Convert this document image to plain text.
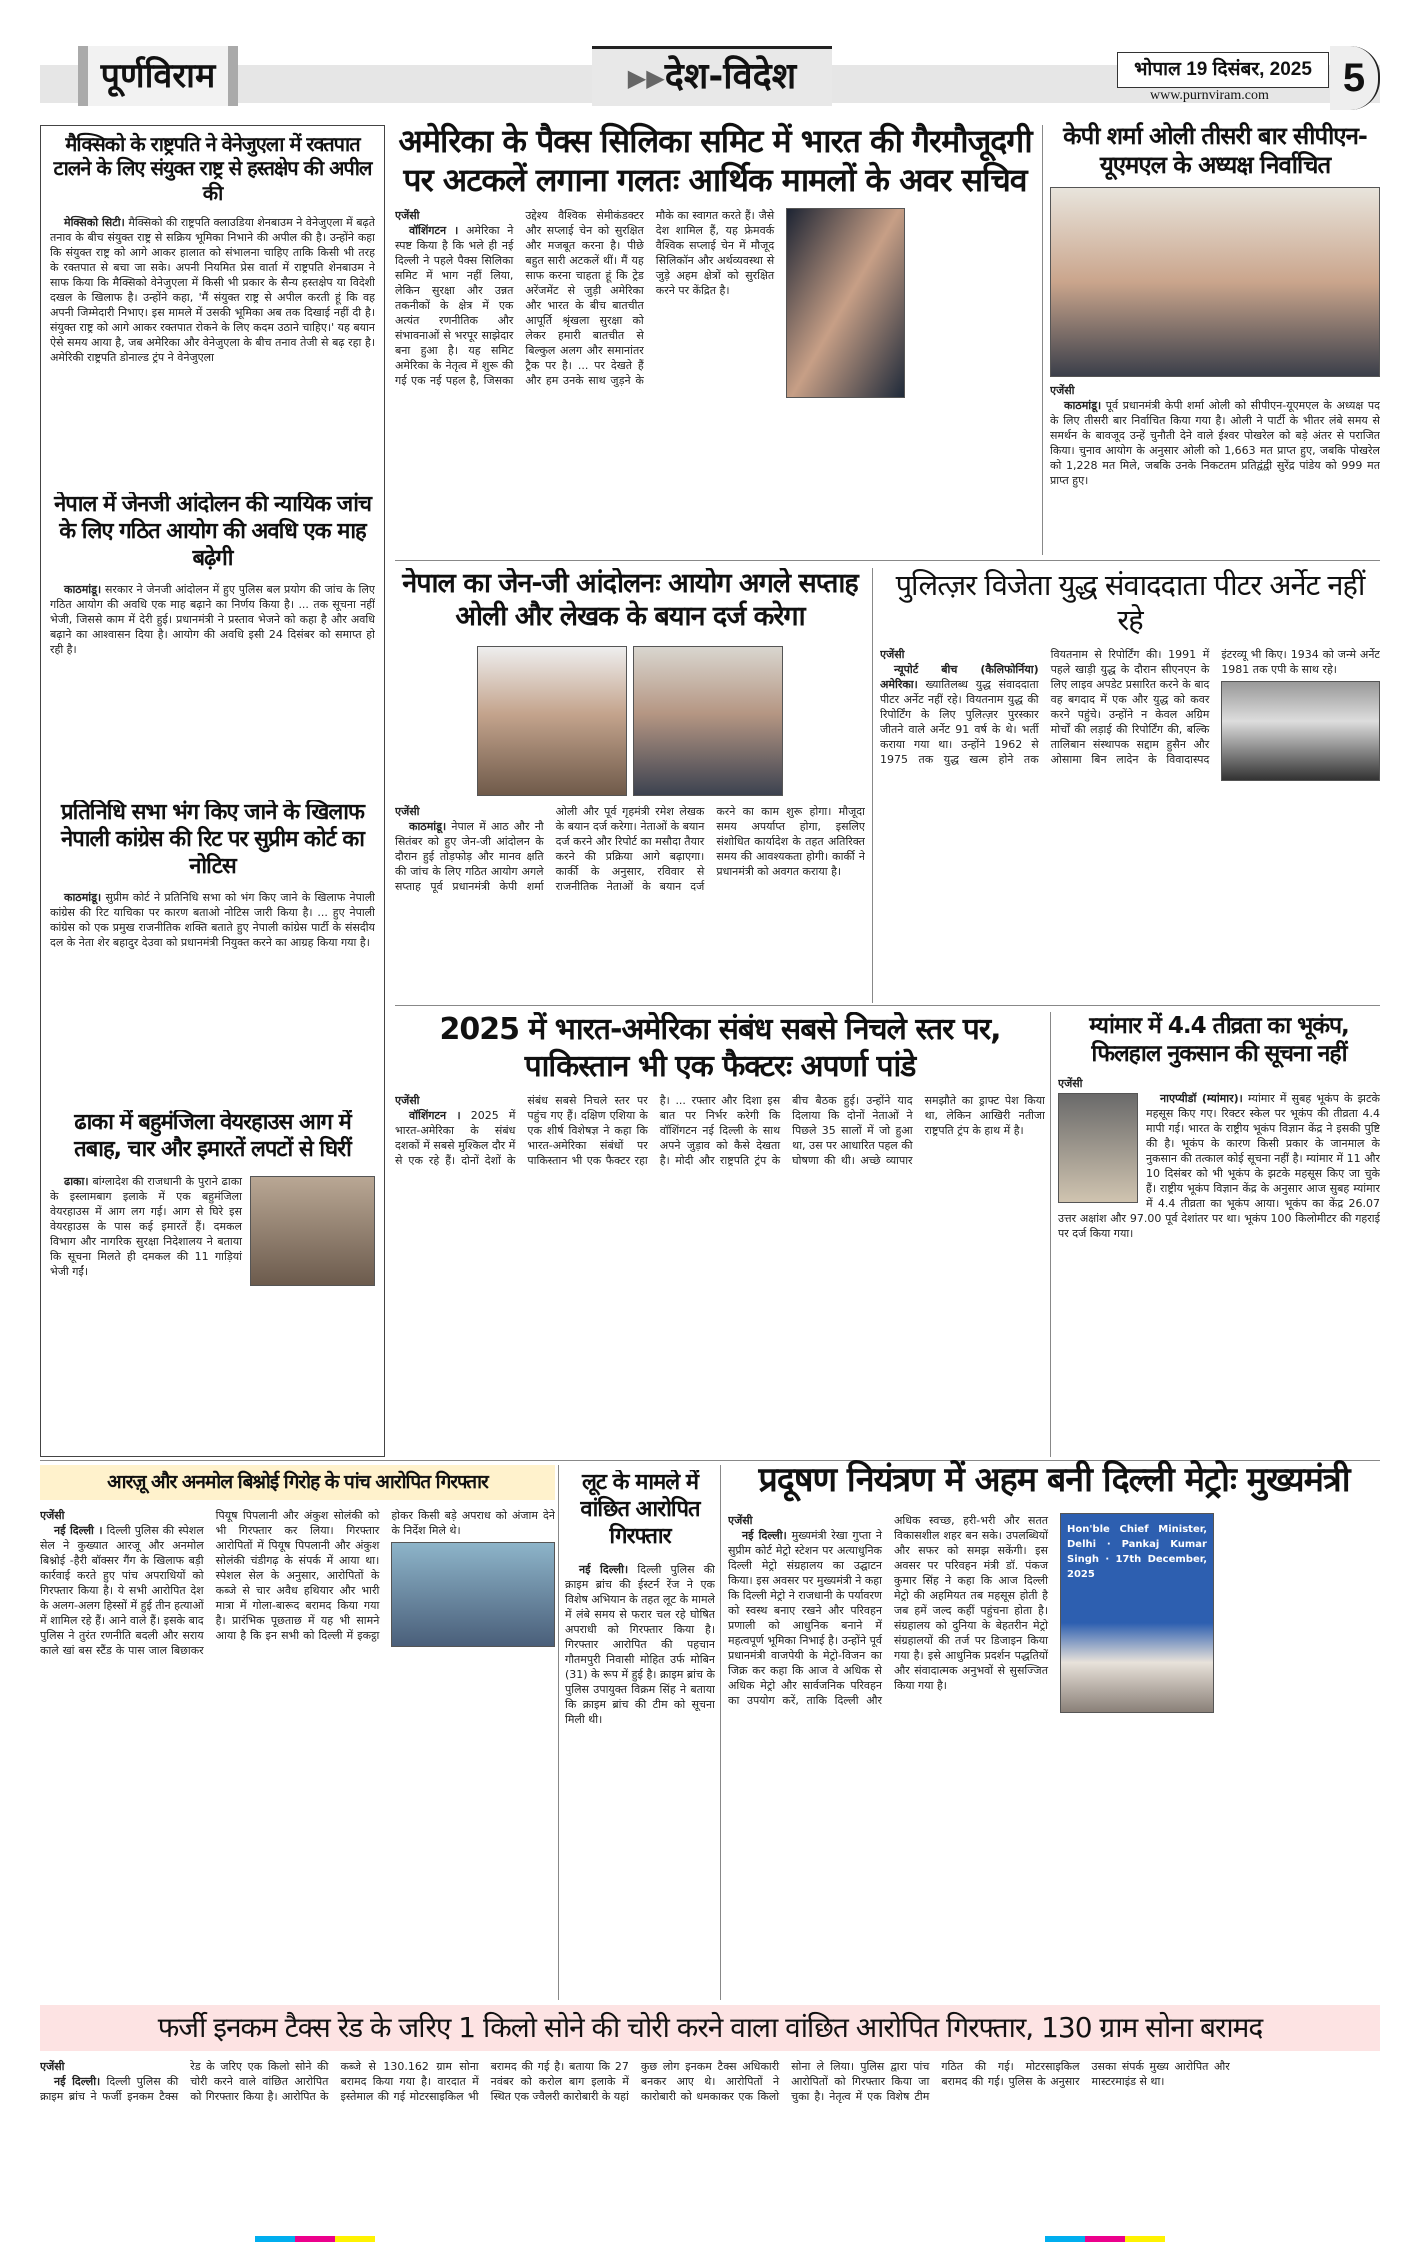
पूर्णविराम	▶▶देश-विदेश	भोपाल 19 दिसंबर, 2025
www.purnviram.com	5
मैक्सिको के राष्ट्रपति ने वेनेजुएला में रक्तपात टालने के लिए संयुक्त राष्ट्र से हस्तक्षेप की अपील की

मेक्सिको सिटी। मैक्सिको की राष्ट्रपति क्लाउडिया शेनबाउम ने वेनेजुएला में बढ़ते तनाव के बीच संयुक्त राष्ट्र से सक्रिय भूमिका निभाने की अपील की है। उन्होंने कहा कि संयुक्त राष्ट्र को आगे आकर हालात को संभालना चाहिए ताकि किसी भी तरह के रक्तपात से बचा जा सके। अपनी नियमित प्रेस वार्ता में राष्ट्रपति शेनबाउम ने साफ किया कि मैक्सिको वेनेजुएला में किसी भी प्रकार के सैन्य हस्तक्षेप या विदेशी दखल के खिलाफ है। उन्होंने कहा, 'मैं संयुक्त राष्ट्र से अपील करती हूं कि वह अपनी जिम्मेदारी निभाए। इस मामले में उसकी भूमिका अब तक दिखाई नहीं दी है। संयुक्त राष्ट्र को आगे आकर रक्तपात रोकने के लिए कदम उठाने चाहिए।' यह बयान ऐसे समय आया है, जब अमेरिका और वेनेजुएला के बीच तनाव तेजी से बढ़ रहा है। अमेरिकी राष्ट्रपति डोनाल्ड ट्रंप ने वेनेजुएला

नेपाल में जेनजी आंदोलन की न्यायिक जांच के लिए गठित आयोग की अवधि एक माह बढ़ेगी

काठमांडू। सरकार ने जेनजी आंदोलन में हुए पुलिस बल प्रयोग की जांच के लिए गठित आयोग की अवधि एक माह बढ़ाने का निर्णय किया है। ... तक सूचना नहीं भेजी, जिससे काम में देरी हुई। प्रधानमंत्री ने प्रस्ताव भेजने को कहा है और अवधि बढ़ाने का आश्वासन दिया है। आयोग की अवधि इसी 24 दिसंबर को समाप्त हो रही है।

प्रतिनिधि सभा भंग किए जाने के खिलाफ नेपाली कांग्रेस की रिट पर सुप्रीम कोर्ट का नोटिस

काठमांडू। सुप्रीम कोर्ट ने प्रतिनिधि सभा को भंग किए जाने के खिलाफ नेपाली कांग्रेस की रिट याचिका पर कारण बताओ नोटिस जारी किया है। ... हुए नेपाली कांग्रेस को एक प्रमुख राजनीतिक शक्ति बताते हुए नेपाली कांग्रेस पार्टी के संसदीय दल के नेता शेर बहादुर देउवा को प्रधानमंत्री नियुक्त करने का आग्रह किया गया है।

ढाका में बहुमंजिला वेयरहाउस आग में तबाह, चार और इमारतें लपटों से घिरीं

ढाका। बांग्लादेश की राजधानी के पुराने ढाका के इस्लामबाग इलाके में एक बहुमंजिला वेयरहाउस में आग लग गई। आग से घिरे इस वेयरहाउस के पास कई इमारतें हैं। दमकल विभाग और नागरिक सुरक्षा निदेशालय ने बताया कि सूचना मिलते ही दमकल की 11 गाड़ियां भेजी गईं।

अमेरिका के पैक्स सिलिका समिट में भारत की गैरमौजूदगी पर अटकलें लगाना गलतः आर्थिक मामलों के अवर सचिव
एजेंसी

वॉशिंगटन । अमेरिका ने स्पष्ट किया है कि भले ही नई दिल्ली ने पहले पैक्स सिलिका समिट में भाग नहीं लिया, लेकिन सुरक्षा और उन्नत तकनीकों के क्षेत्र में एक अत्यंत रणनीतिक और संभावनाओं से भरपूर साझेदार बना हुआ है। यह समिट अमेरिका के नेतृत्व में शुरू की गई एक नई पहल है, जिसका उद्देश्य वैश्विक सेमीकंडक्टर और सप्लाई चेन को सुरक्षित और मजबूत करना है। पीछे बहुत सारी अटकलें थीं। मैं यह साफ करना चाहता हूं कि ट्रेड अरेंजमेंट से जुड़ी अमेरिका और भारत के बीच बातचीत आपूर्ति श्रृंखला सुरक्षा को लेकर हमारी बातचीत से बिल्कुल अलग और समानांतर ट्रैक पर है। ... पर देखते हैं और हम उनके साथ जुड़ने के मौके का स्वागत करते हैं। जैसे देश शामिल हैं, यह फ्रेमवर्क वैश्विक सप्लाई चेन में मौजूद सिलिकॉन और अर्थव्यवस्था से जुड़े अहम क्षेत्रों को सुरक्षित करने पर केंद्रित है।

केपी शर्मा ओली तीसरी बार सीपीएन-यूएमएल के अध्यक्ष निर्वाचित
एजेंसी

काठमांडू। पूर्व प्रधानमंत्री केपी शर्मा ओली को सीपीएन-यूएमएल के अध्यक्ष पद के लिए तीसरी बार निर्वाचित किया गया है। ओली ने पार्टी के भीतर लंबे समय से समर्थन के बावजूद उन्हें चुनौती देने वाले ईश्वर पोखरेल को बड़े अंतर से पराजित किया। चुनाव आयोग के अनुसार ओली को 1,663 मत प्राप्त हुए, जबकि पोखरेल को 1,228 मत मिले, जबकि उनके निकटतम प्रतिद्वंद्वी सुरेंद्र पांडेय को 999 मत प्राप्त हुए।

नेपाल का जेन-जी आंदोलनः आयोग अगले सप्ताह ओली और लेखक के बयान दर्ज करेगा
एजेंसी

काठमांडू। नेपाल में आठ और नौ सितंबर को हुए जेन-जी आंदोलन के दौरान हुई तोड़फोड़ और मानव क्षति की जांच के लिए गठित आयोग अगले सप्ताह पूर्व प्रधानमंत्री केपी शर्मा ओली और पूर्व गृहमंत्री रमेश लेखक के बयान दर्ज करेगा। नेताओं के बयान दर्ज करने और रिपोर्ट का मसौदा तैयार करने की प्रक्रिया आगे बढ़ाएगा। कार्की के अनुसार, रविवार से राजनीतिक नेताओं के बयान दर्ज करने का काम शुरू होगा। मौजूदा समय अपर्याप्त होगा, इसलिए संशोधित कार्यादेश के तहत अतिरिक्त समय की आवश्यकता होगी। कार्की ने प्रधानमंत्री को अवगत कराया है।

पुलित्ज़र विजेता युद्ध संवाददाता पीटर अर्नेट नहीं रहे
एजेंसी

न्यूपोर्ट बीच (कैलिफोर्निया) अमेरिका। ख्यातिलब्ध युद्ध संवाददाता पीटर अर्नेट नहीं रहे। वियतनाम युद्ध की रिपोर्टिंग के लिए पुलित्ज़र पुरस्कार जीतने वाले अर्नेट 91 वर्ष के थे। भर्ती कराया गया था। उन्होंने 1962 से 1975 तक युद्ध खत्म होने तक वियतनाम से रिपोर्टिंग की। 1991 में पहले खाड़ी युद्ध के दौरान सीएनएन के लिए लाइव अपडेट प्रसारित करने के बाद वह बगदाद में एक और युद्ध को कवर करने पहुंचे। उन्होंने न केवल अग्रिम मोर्चों की लड़ाई की रिपोर्टिंग की, बल्कि तालिबान संस्थापक सद्दाम हुसैन और ओसामा बिन लादेन के विवादास्पद इंटरव्यू भी किए। 1934 को जन्मे अर्नेट 1981 तक एपी के साथ रहे।

2025 में भारत-अमेरिका संबंध सबसे निचले स्तर पर, पाकिस्तान भी एक फैक्टरः अपर्णा पांडे
एजेंसी

वॉशिंगटन । 2025 में भारत-अमेरिका के संबंध दशकों में सबसे मुश्किल दौर में से एक रहे हैं। दोनों देशों के संबंध सबसे निचले स्तर पर पहुंच गए हैं। दक्षिण एशिया के एक शीर्ष विशेषज्ञ ने कहा कि भारत-अमेरिका संबंधों पर पाकिस्तान भी एक फैक्टर रहा है। ... रफ्तार और दिशा इस बात पर निर्भर करेगी कि वॉशिंगटन नई दिल्ली के साथ अपने जुड़ाव को कैसे देखता है। मोदी और राष्ट्रपति ट्रंप के बीच बैठक हुई। उन्होंने याद दिलाया कि दोनों नेताओं ने पिछले 35 सालों में जो हुआ था, उस पर आधारित पहल की घोषणा की थी। अच्छे व्यापार समझौते का ड्राफ्ट पेश किया था, लेकिन आखिरी नतीजा राष्ट्रपति ट्रंप के हाथ में है।

म्यांमार में 4.4 तीव्रता का भूकंप, फिलहाल नुकसान की सूचना नहीं
एजेंसी

नाएप्यीडॉ (म्यांमार)। म्यांमार में सुबह भूकंप के झटके महसूस किए गए। रिक्टर स्केल पर भूकंप की तीव्रता 4.4 मापी गई। भारत के राष्ट्रीय भूकंप विज्ञान केंद्र ने इसकी पुष्टि की है। भूकंप के कारण किसी प्रकार के जानमाल के नुकसान की तत्काल कोई सूचना नहीं है। म्यांमार में 11 और 10 दिसंबर को भी भूकंप के झटके महसूस किए जा चुके हैं। राष्ट्रीय भूकंप विज्ञान केंद्र के अनुसार आज सुबह म्यांमार में 4.4 तीव्रता का भूकंप आया। भूकंप का केंद्र 26.07 उत्तर अक्षांश और 97.00 पूर्व देशांतर पर था। भूकंप 100 किलोमीटर की गहराई पर दर्ज किया गया।

आरज़ू और अनमोल बिश्नोई गिरोह के पांच आरोपित गिरफ्तार
एजेंसी

नई दिल्ली । दिल्ली पुलिस की स्पेशल सेल ने कुख्यात आरजू और अनमोल बिश्नोई -हैरी बॉक्सर गैंग के खिलाफ बड़ी कार्रवाई करते हुए पांच अपराधियों को गिरफ्तार किया है। ये सभी आरोपित देश के अलग-अलग हिस्सों में हुई तीन हत्याओं में शामिल रहे हैं। आने वाले हैं। इसके बाद पुलिस ने तुरंत रणनीति बदली और सराय काले खां बस स्टैंड के पास जाल बिछाकर पियूष पिपलानी और अंकुश सोलंकी को भी गिरफ्तार कर लिया। गिरफ्तार आरोपितों में पियूष पिपलानी और अंकुश सोलंकी चंडीगढ़ के संपर्क में आया था। स्पेशल सेल के अनुसार, आरोपितों के कब्जे से चार अवैध हथियार और भारी मात्रा में गोला-बारूद बरामद किया गया है। प्रारंभिक पूछताछ में यह भी सामने आया है कि इन सभी को दिल्ली में इकट्ठा होकर किसी बड़े अपराध को अंजाम देने के निर्देश मिले थे।

लूट के मामले में वांछित आरोपित गिरफ्तार

नई दिल्ली। दिल्ली पुलिस की क्राइम ब्रांच की ईस्टर्न रेंज ने एक विशेष अभियान के तहत लूट के मामले में लंबे समय से फरार चल रहे घोषित अपराधी को गिरफ्तार किया है। गिरफ्तार आरोपित की पहचान गौतमपुरी निवासी मोहित उर्फ मोबिन (31) के रूप में हुई है। क्राइम ब्रांच के पुलिस उपायुक्त विक्रम सिंह ने बताया कि क्राइम ब्रांच की टीम को सूचना मिली थी।

प्रदूषण नियंत्रण में अहम बनी दिल्ली मेट्रोः मुख्यमंत्री
एजेंसी

नई दिल्ली। मुख्यमंत्री रेखा गुप्ता ने सुप्रीम कोर्ट मेट्रो स्टेशन पर अत्याधुनिक दिल्ली मेट्रो संग्रहालय का उद्घाटन किया। इस अवसर पर मुख्यमंत्री ने कहा कि दिल्ली मेट्रो ने राजधानी के पर्यावरण को स्वस्थ बनाए रखने और परिवहन प्रणाली को आधुनिक बनाने में महत्वपूर्ण भूमिका निभाई है। उन्होंने पूर्व प्रधानमंत्री वाजपेयी के मेट्रो-विजन का जिक्र कर कहा कि आज वे अधिक से अधिक मेट्रो और सार्वजनिक परिवहन का उपयोग करें, ताकि दिल्ली और अधिक स्वच्छ, हरी-भरी और सतत विकासशील शहर बन सके। उपलब्धियों और सफर को समझ सकेंगी। इस अवसर पर परिवहन मंत्री डॉ. पंकज कुमार सिंह ने कहा कि आज दिल्ली मेट्रो की अहमियत तब महसूस होती है जब हमें जल्द कहीं पहुंचना होता है। संग्रहालय को दुनिया के बेहतरीन मेट्रो संग्रहालयों की तर्ज पर डिजाइन किया गया है। इसे आधुनिक प्रदर्शन पद्धतियों और संवादात्मक अनुभवों से सुसज्जित किया गया है।

Hon'ble Chief Minister, Delhi · Pankaj Kumar Singh · 17th December, 2025
फर्जी इनकम टैक्स रेड के जरिए 1 किलो सोने की चोरी करने वाला वांछित आरोपित गिरफ्तार, 130 ग्राम सोना बरामद
एजेंसी

नई दिल्ली। दिल्ली पुलिस की क्राइम ब्रांच ने फर्जी इनकम टैक्स रेड के जरिए एक किलो सोने की चोरी करने वाले वांछित आरोपित को गिरफ्तार किया है। आरोपित के कब्जे से 130.162 ग्राम सोना बरामद किया गया है। वारदात में इस्तेमाल की गई मोटरसाइकिल भी बरामद की गई है। बताया कि 27 नवंबर को करोल बाग इलाके में स्थित एक ज्वैलरी कारोबारी के यहां कुछ लोग इनकम टैक्स अधिकारी बनकर आए थे। आरोपितों ने कारोबारी को धमकाकर एक किलो सोना ले लिया। पुलिस द्वारा पांच आरोपितों को गिरफ्तार किया जा चुका है। नेतृत्व में एक विशेष टीम गठित की गई। मोटरसाइकिल बरामद की गई। पुलिस के अनुसार उसका संपर्क मुख्य आरोपित और मास्टरमाइंड से था।
